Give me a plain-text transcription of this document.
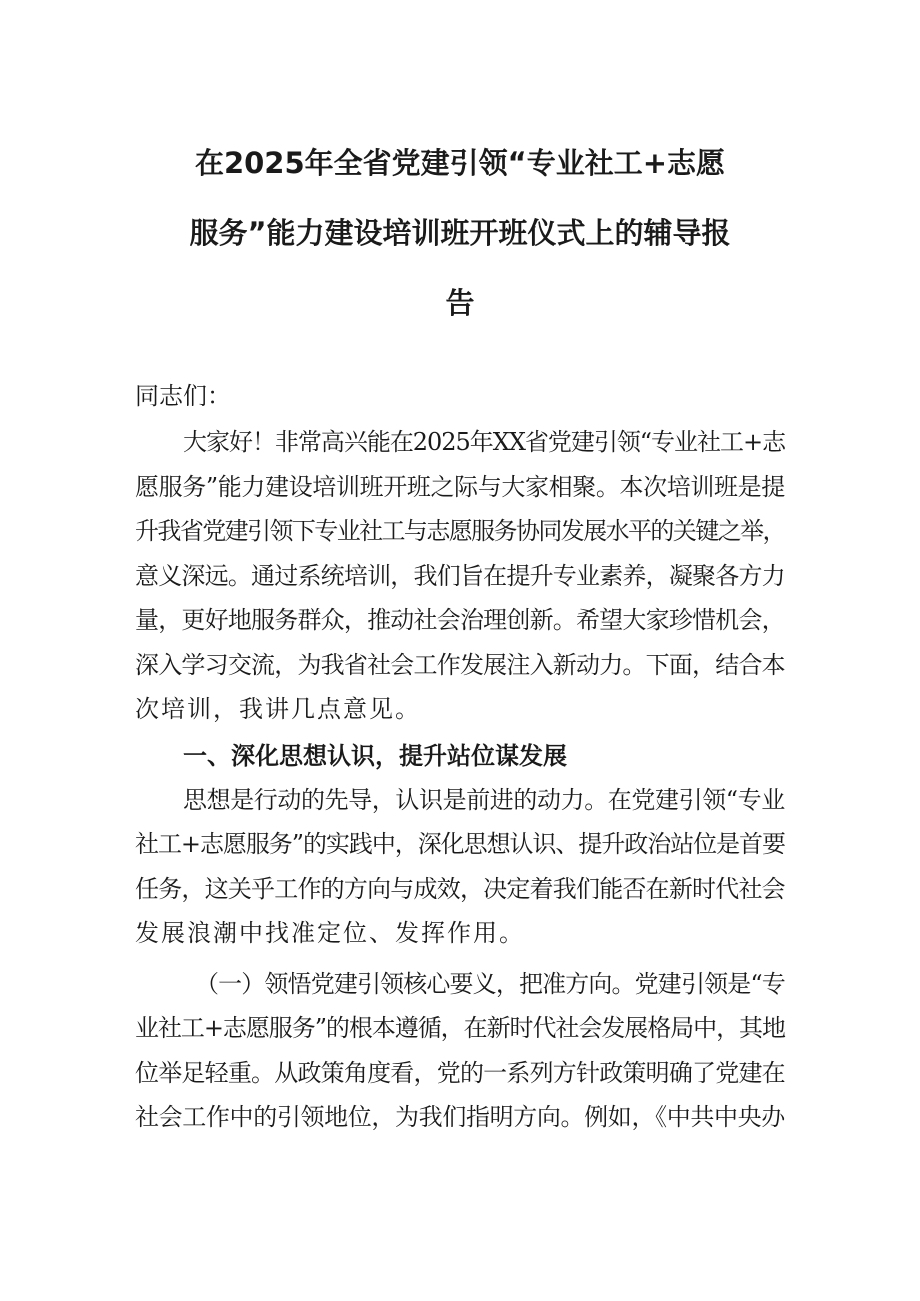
在2025年全省党建引领“专业社工+志愿
服务”能力建设培训班开班仪式上的辅导报
告

同志们：

大家好！非常高兴能在2025年XX省党建引领“专业社工+志
愿服务”能力建设培训班开班之际与大家相聚。本次培训班是提
升我省党建引领下专业社工与志愿服务协同发展水平的关键之举，
意义深远。通过系统培训，我们旨在提升专业素养，凝聚各方力
量，更好地服务群众，推动社会治理创新。希望大家珍惜机会，
深入学习交流，为我省社会工作发展注入新动力。下面，结合本
次培训，我讲几点意见。
一、深化思想认识，提升站位谋发展
思想是行动的先导，认识是前进的动力。在党建引领“专业
社工+志愿服务”的实践中，深化思想认识、提升政治站位是首要
任务，这关乎工作的方向与成效，决定着我们能否在新时代社会
发展浪潮中找准定位、发挥作用。
（一）领悟党建引领核心要义，把准方向。党建引领是“专
业社工+志愿服务”的根本遵循，在新时代社会发展格局中，其地
位举足轻重。从政策角度看，党的一系列方针政策明确了党建在
社会工作中的引领地位，为我们指明方向。例如，《中共中央办
